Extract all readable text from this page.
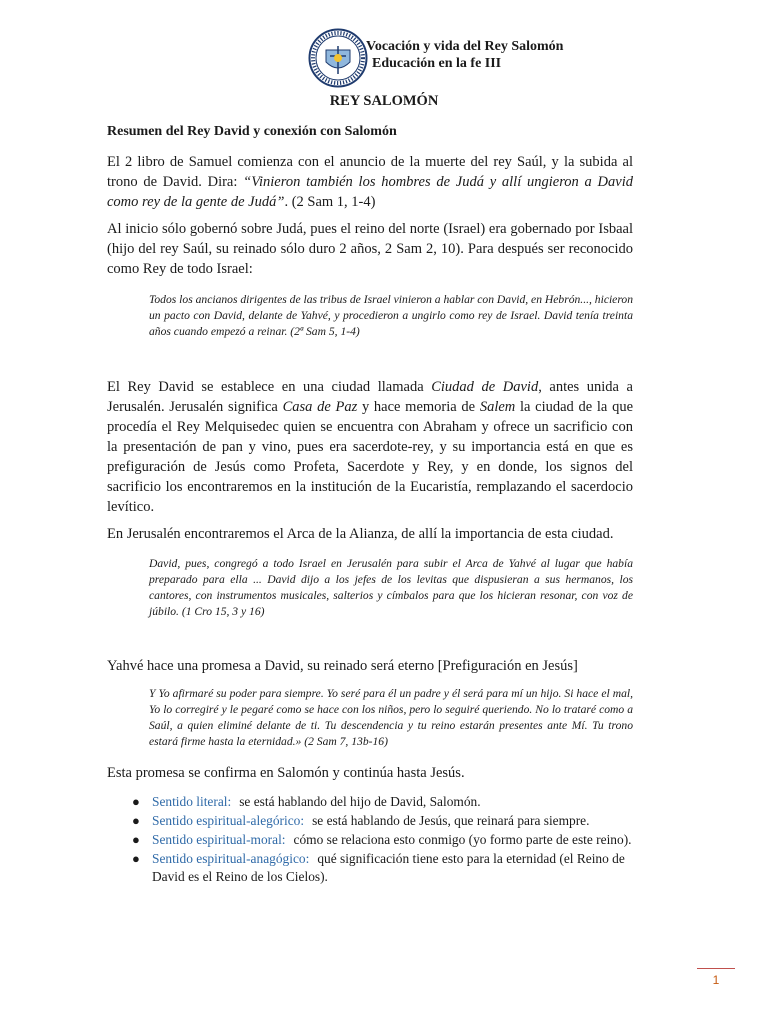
Vocación y vida del Rey Salomón
Educación en la fe III
REY SALOMÓN

Resumen del Rey David y conexión con Salomón

El 2 libro de Samuel comienza con el anuncio de la muerte del rey Saúl, y la subida al trono de David. Dira: “Vinieron también los hombres de Judá y allí ungieron a David como rey de la gente de Judá”. (2 Sam 1, 1-4)

Al inicio sólo gobernó sobre Judá, pues el reino del norte (Israel) era gobernado por Isbaal (hijo del rey Saúl, su reinado sólo duro 2 años, 2 Sam 2, 10). Para después ser reconocido como Rey de todo Israel:

Todos los ancianos dirigentes de las tribus de Israel vinieron a hablar con David, en Hebrón..., hicieron un pacto con David, delante de Yahvé, y procedieron a ungirlo como rey de Israel. David tenía treinta años cuando empezó a reinar. (2ª Sam 5, 1-4)

El Rey David se establece en una ciudad llamada Ciudad de David, antes unida a Jerusalén. Jerusalén significa Casa de Paz y hace memoria de Salem la ciudad de la que procedía el Rey Melquisedec quien se encuentra con Abraham y ofrece un sacrificio con la presentación de pan y vino, pues era sacerdote-rey, y su importancia está en que es prefiguración de Jesús como Profeta, Sacerdote y Rey, y en donde, los signos del sacrificio los encontraremos en la institución de la Eucaristía, remplazando el sacerdocio levítico.

En Jerusalén encontraremos el Arca de la Alianza, de allí la importancia de esta ciudad.

David, pues, congregó a todo Israel en Jerusalén para subir el Arca de Yahvé al lugar que había preparado para ella ... David dijo a los jefes de los levitas que dispusieran a sus hermanos, los cantores, con instrumentos musicales, salterios y címbalos para que los hicieran resonar, con voz de júbilo. (1 Cro 15, 3 y 16)

Yahvé hace una promesa a David, su reinado será eterno [Prefiguración en Jesús]

Y Yo afirmaré su poder para siempre. Yo seré para él un padre y él será para mí un hijo. Si hace el mal, Yo lo corregiré y le pegaré como se hace con los niños, pero lo seguiré queriendo. No lo trataré como a Saúl, a quien eliminé delante de ti. Tu descendencia y tu reino estarán presentes ante Mí. Tu trono estará firme hasta la eternidad.» (2 Sam 7, 13b-16)

Esta promesa se confirma en Salomón y continúa hasta Jesús.

● Sentido literal: se está hablando del hijo de David, Salomón.
● Sentido espiritual-alegórico: se está hablando de Jesús, que reinará para siempre.
● Sentido espiritual-moral: cómo se relaciona esto conmigo (yo formo parte de este reino).
● Sentido espiritual-anagógico: qué significación tiene esto para la eternidad (el Reino de David es el Reino de los Cielos).
1
